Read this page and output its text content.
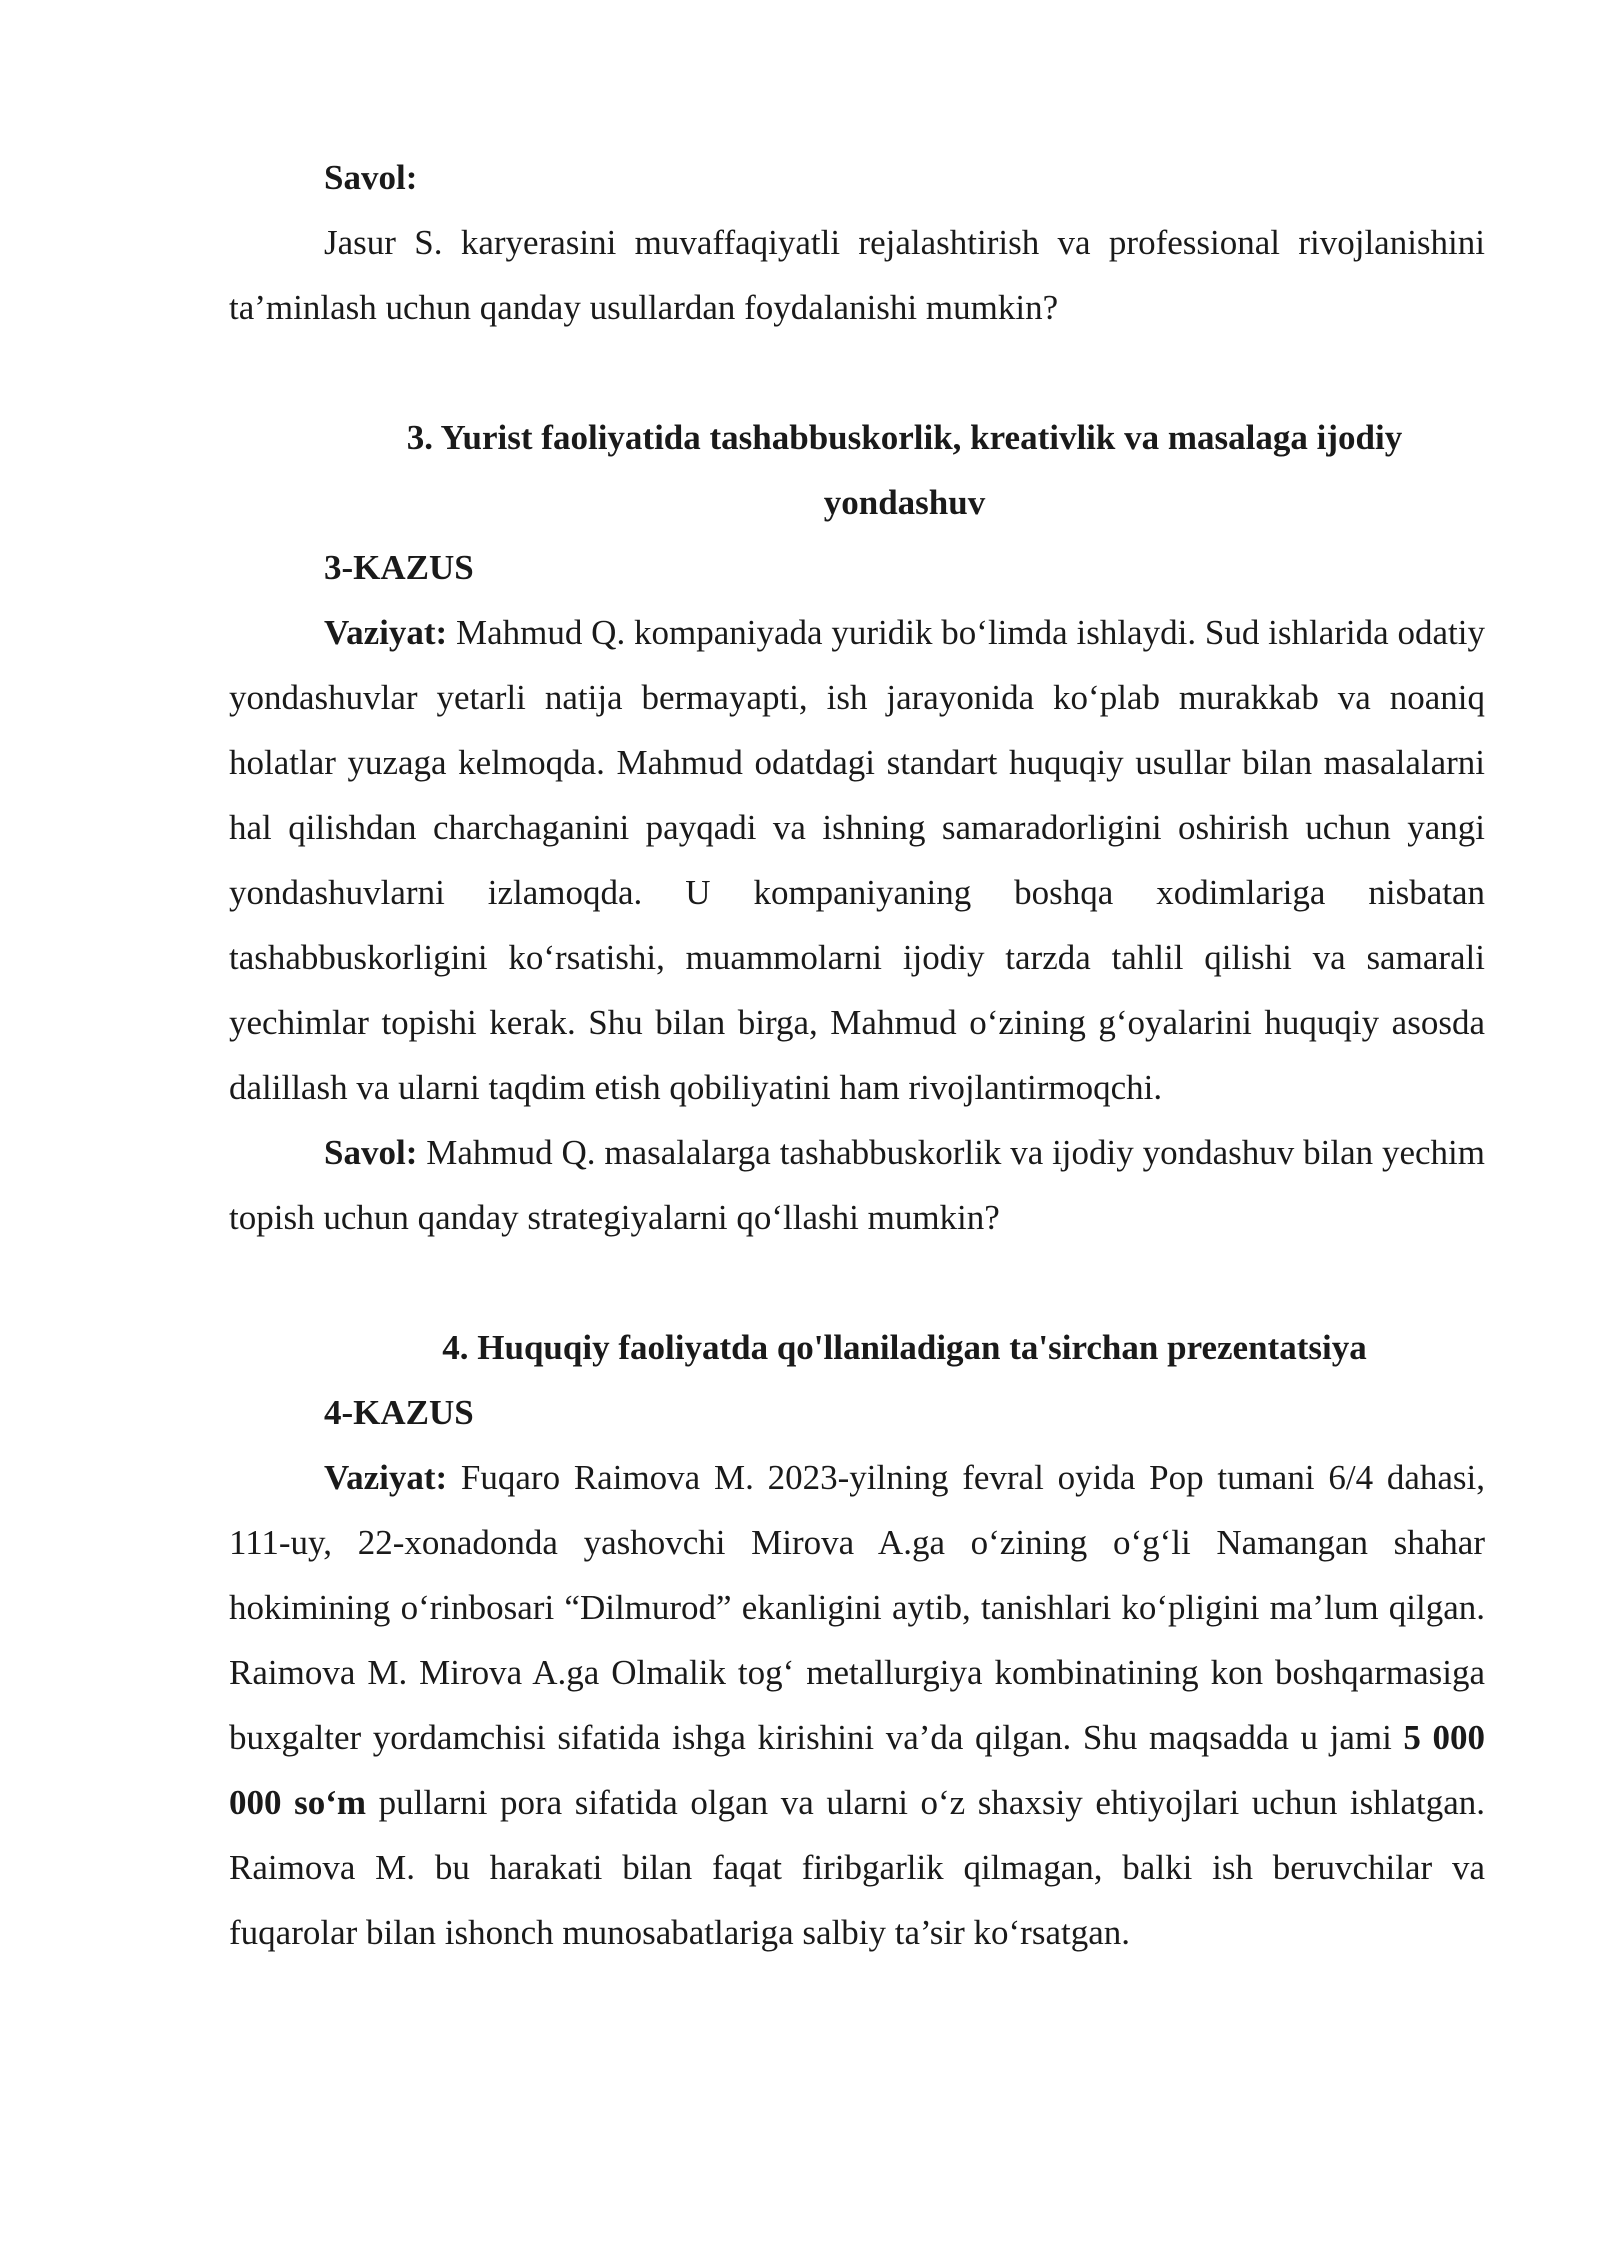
Savol:

Jasur S. karyerasini muvaffaqiyatli rejalashtirish va professional rivojlanishini ta’minlash uchun qanday usullardan foydalanishi mumkin?

3. Yurist faoliyatida tashabbuskorlik, kreativlik va masalaga ijodiy yondashuv

3-KAZUS

Vaziyat: Mahmud Q. kompaniyada yuridik bo‘limda ishlaydi. Sud ishlarida odatiy yondashuvlar yetarli natija bermayapti, ish jarayonida ko‘plab murakkab va noaniq holatlar yuzaga kelmoqda. Mahmud odatdagi standart huquqiy usullar bilan masalalarni hal qilishdan charchaganini payqadi va ishning samaradorligini oshirish uchun yangi yondashuvlarni izlamoqda. U kompaniyaning boshqa xodimlariga nisbatan tashabbuskorligini ko‘rsatishi, muammolarni ijodiy tarzda tahlil qilishi va samarali yechimlar topishi kerak. Shu bilan birga, Mahmud o‘zining g‘oyalarini huquqiy asosda dalillash va ularni taqdim etish qobiliyatini ham rivojlantirmoqchi.

Savol: Mahmud Q. masalalarga tashabbuskorlik va ijodiy yondashuv bilan yechim topish uchun qanday strategiyalarni qo‘llashi mumkin?

4. Huquqiy faoliyatda qo'llaniladigan ta'sirchan prezentatsiya

4-KAZUS

Vaziyat: Fuqaro Raimova M. 2023-yilning fevral oyida Pop tumani 6/4 dahasi, 111-uy, 22-xonadonda yashovchi Mirova A.ga o‘zining o‘g‘li Namangan shahar hokimining o‘rinbosari “Dilmurod” ekanligini aytib, tanishlari ko‘pligini ma’lum qilgan. Raimova M. Mirova A.ga Olmalik tog‘ metallurgiya kombinatining kon boshqarmasiga buxgalter yordamchisi sifatida ishga kirishini va’da qilgan. Shu maqsadda u jami 5 000 000 so‘m pullarni pora sifatida olgan va ularni o‘z shaxsiy ehtiyojlari uchun ishlatgan. Raimova M. bu harakati bilan faqat firibgarlik qilmagan, balki ish beruvchilar va fuqarolar bilan ishonch munosabatlariga salbiy ta’sir ko‘rsatgan.
